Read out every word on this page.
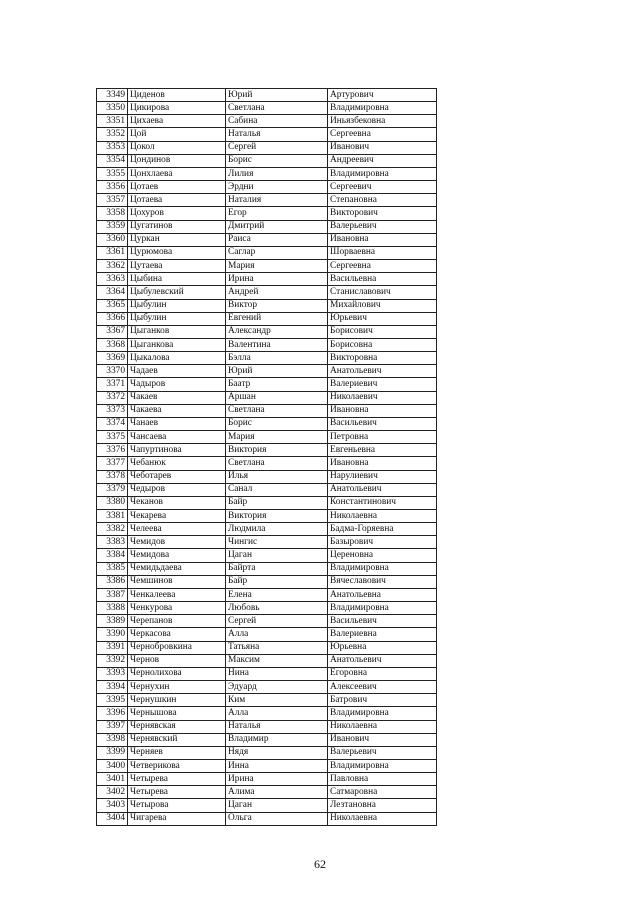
3349	Циденов	Юрий	Артурович
3350	Цикирова	Светлана	Владимировна
3351	Цихаева	Сабина	Иньязбековна
3352	Цой	Наталья	Сергеевна
3353	Цокол	Сергей	Иванович
3354	Цондинов	Борис	Андреевич
3355	Цонхлаева	Лилия	Владимировна
3356	Цотаев	Эрдни	Сергеевич
3357	Цотаева	Наталия	Степановна
3358	Цохуров	Егор	Викторович
3359	Цугатинов	Дмитрий	Валерьевич
3360	Цуркан	Раиса	Ивановна
3361	Цурюмова	Саглар	Шорваевна
3362	Цутаева	Мария	Сергеевна
3363	Цыбина	Ирина	Васильевна
3364	Цыбулевский	Андрей	Станиславович
3365	Цыбулин	Виктор	Михайлович
3366	Цыбулин	Евгений	Юрьевич
3367	Цыганков	Александр	Борисович
3368	Цыганкова	Валентина	Борисовна
3369	Цыкалова	Бэлла	Викторовна
3370	Чадаев	Юрий	Анатольевич
3371	Чадыров	Баатр	Валериевич
3372	Чакаев	Аршан	Николаевич
3373	Чакаева	Светлана	Ивановна
3374	Чанаев	Борис	Васильевич
3375	Чансаева	Мария	Петровна
3376	Чапуртинова	Виктория	Евгеньевна
3377	Чебанюк	Светлана	Ивановна
3378	Чеботарев	Илья	Нарулиевич
3379	Чедыров	Санал	Анатольевич
3380	Чеканов	Байр	Константинович
3381	Чекарева	Виктория	Николаевна
3382	Челеева	Людмила	Бадма-Горяевна
3383	Чемидов	Чингис	Базырович
3384	Чемидова	Цаган	Цереновна
3385	Чемидьдаева	Байрта	Владимировна
3386	Чемшинов	Байр	Вячеславович
3387	Ченкалеева	Елена	Анатольевна
3388	Ченкурова	Любовь	Владимировна
3389	Черепанов	Сергей	Васильевич
3390	Черкасова	Алла	Валериевна
3391	Чернобровкина	Татьяна	Юрьевна
3392	Чернов	Максим	Анатольевич
3393	Чернолихова	Нина	Егоровна
3394	Чернухин	Эдуард	Алексеевич
3395	Чернушкин	Ким	Батрович
3396	Чернышова	Алла	Владимировна
3397	Чернявская	Наталья	Николаевна
3398	Чернявский	Владимир	Иванович
3399	Черняев	Нядя	Валерьевич
3400	Четверикова	Инна	Владимировна
3401	Четырева	Ирина	Павловна
3402	Четырева	Алима	Сатмаровна
3403	Четырова	Цаган	Лезтановна
3404	Чигарева	Ольга	Николаевна
62
